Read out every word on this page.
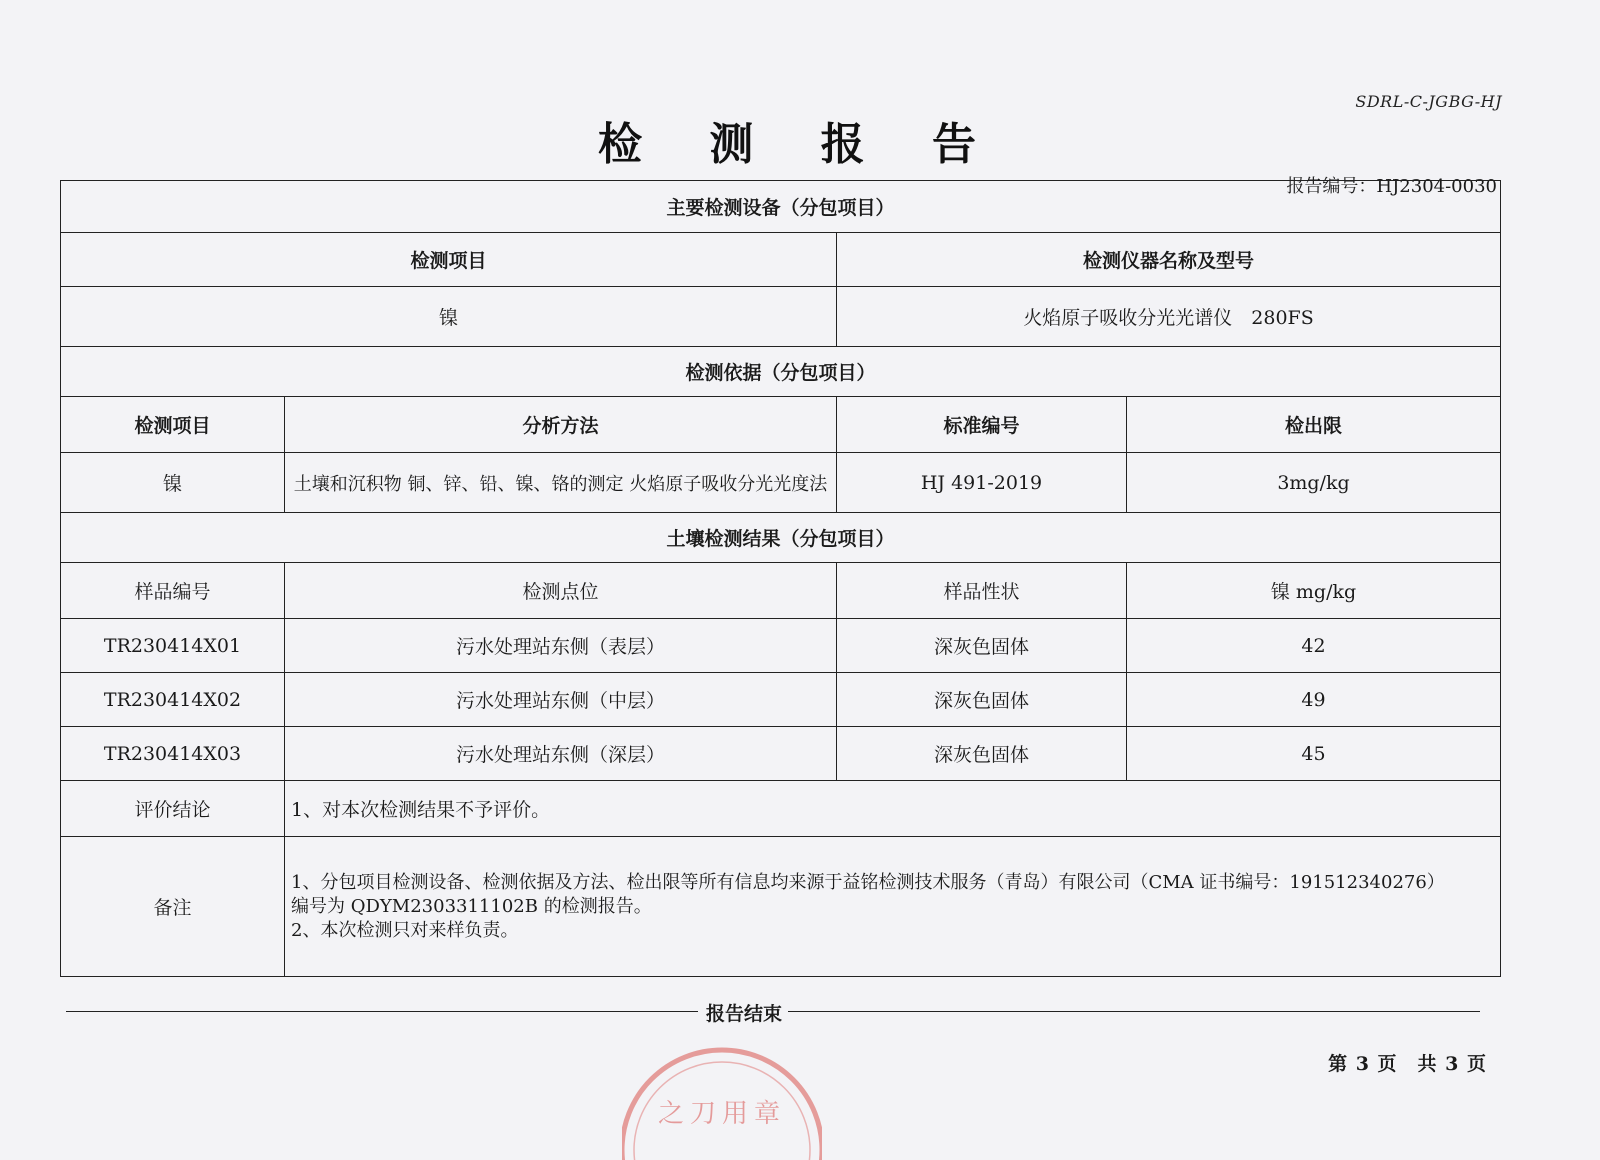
SDRL-C-JGBG-HJ
检 测 报 告
报告编号：HJ2304-0030
主要检测设备（分包项目）			
检测项目		检测仪器名称及型号	
镍		火焰原子吸收分光光谱仪　280FS	
检测依据（分包项目）			
检测项目	分析方法	标准编号	检出限
镍	土壤和沉积物 铜、锌、铅、镍、铬的测定 火焰原子吸收分光光度法	HJ 491-2019	3mg/kg
土壤检测结果（分包项目）			
样品编号	检测点位	样品性状	镍 mg/kg
TR230414X01	污水处理站东侧（表层）	深灰色固体	42
TR230414X02	污水处理站东侧（中层）	深灰色固体	49
TR230414X03	污水处理站东侧（深层）	深灰色固体	45
评价结论	1、对本次检测结果不予评价。		
备注	1、分包项目检测设备、检测依据及方法、检出限等所有信息均来源于益铭检测技术服务（青岛）有限公司（CMA 证书编号：191512340276）
编号为 QDYM2303311102B 的检测报告。
2、本次检测只对来样负责。		
报告结束
第 3 页　共 3 页
之刀用章
